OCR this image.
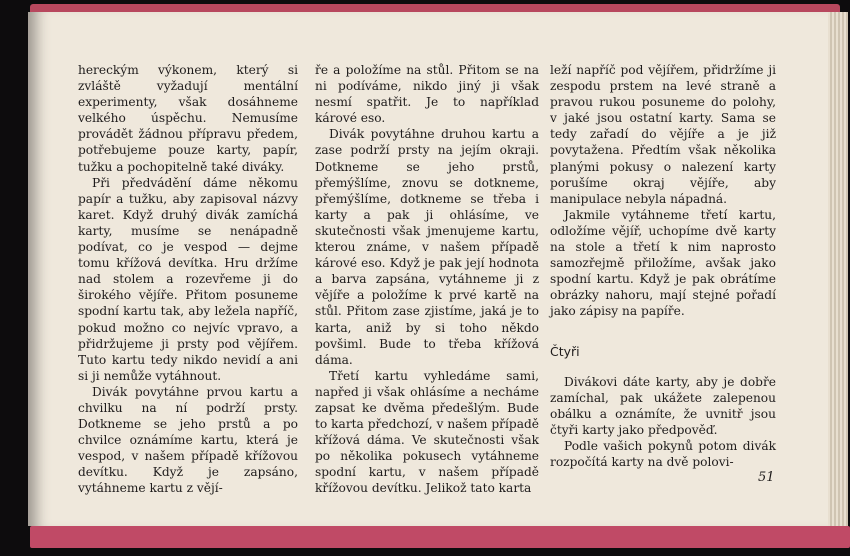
hereckým výkonem, který si zvláště vyžadují mentální experimenty, však dosáhneme velkého úspěchu. Nemusíme provádět žádnou přípravu předem, potřebujeme pouze karty, papír, tužku a pochopitelně také diváky.

Při předvádění dáme někomu papír a tužku, aby zapisoval názvy karet. Když druhý divák zamíchá karty, musíme se nenápadně podívat, co je vespod — dejme tomu křížová devítka. Hru držíme nad stolem a rozevřeme ji do širokého vějíře. Přitom posuneme spodní kartu tak, aby ležela napříč, pokud možno co nejvíc vpravo, a přidržujeme ji prsty pod vějířem. Tuto kartu tedy nikdo nevidí a ani si ji nemůže vytáhnout.

Divák povytáhne prvou kartu a chvilku na ní podrží prsty. Dotkneme se jeho prstů a po chvilce oznámíme kartu, která je vespod, v našem případě křížovou devítku. Když je zapsáno, vytáhneme kartu z vějí-

ře a položíme na stůl. Přitom se na ni podíváme, nikdo jiný ji však nesmí spatřit. Je to například kárové eso.

Divák povytáhne druhou kartu a zase podrží prsty na jejím okraji. Dotkneme se jeho prstů, přemýšlíme, znovu se dotkneme, přemýšlíme, dotkneme se třeba i karty a pak ji ohlásíme, ve skutečnosti však jmenujeme kartu, kterou známe, v našem případě kárové eso. Když je pak její hodnota a barva zapsána, vytáhneme ji z vějíře a položíme k prvé kartě na stůl. Přitom zase zjistíme, jaká je to karta, aniž by si toho někdo povšiml. Bude to třeba křížová dáma.

Třetí kartu vyhledáme sami, napřed ji však ohlásíme a necháme zapsat ke dvěma předešlým. Bude to karta předchozí, v našem případě křížová dáma. Ve skutečnosti však po několika pokusech vytáhneme spodní kartu, v našem případě křížovou devítku. Jelikož tato karta

leží napříč pod vějířem, přidržíme ji zespodu prstem na levé straně a pravou rukou posuneme do polohy, v jaké jsou ostatní karty. Sama se tedy zařadí do vějíře a je již povytažena. Předtím však několika planými pokusy o nalezení karty porušíme okraj vějíře, aby manipulace nebyla nápadná.

Jakmile vytáhneme třetí kartu, odložíme vějíř, uchopíme dvě karty na stole a třetí k nim naprosto samozřejmě přiložíme, avšak jako spodní kartu. Když je pak obrátíme obrázky nahoru, mají stejné pořadí jako zápisy na papíře.

Čtyři

Divákovi dáte karty, aby je dobře zamíchal, pak ukážete zalepenou obálku a oznámíte, že uvnitř jsou čtyři karty jako předpověď.

Podle vašich pokynů potom divák rozpočítá karty na dvě polovi-

51
